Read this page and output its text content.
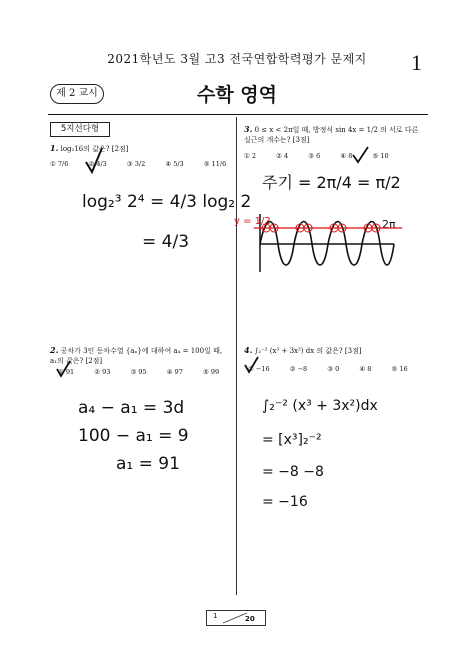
2021학년도 3월 고3 전국연합학력평가 문제지	1
제 2 교시	수학 영역
5지선다형
1. log₂16의 값은? [2점]
① 7/6	② 4/3	③ 3/2	④ 5/3	⑤ 11/6
log₂³ 2⁴ = 4/3 log₂ 2
= 4/3
2. 공차가 3인 등차수열 {aₙ}에 대하여 a₄ = 100일 때, a₁의 값은? [2점]
① 91	② 93	③ 95	④ 97	⑤ 99
a₄ − a₁ = 3d
100 − a₁ = 9
a₁ = 91
3. 0 ≤ x < 2π일 때, 방정식 sin 4x = 1/2 의 서로 다른 실근의 개수는? [3점]
① 2	② 4	③ 6	④ 8	⑤ 10
주기 = 2π/4 = π/2
y = 1/2	2π
4. ∫₂⁻² (x³ + 3x²) dx 의 값은? [3점]
① −16	② −8	③ 0	④ 8	⑤ 16
∫₂⁻² (x³ + 3x²)dx
= [x³]₂⁻²
= −8 −8
= −16
1	20
